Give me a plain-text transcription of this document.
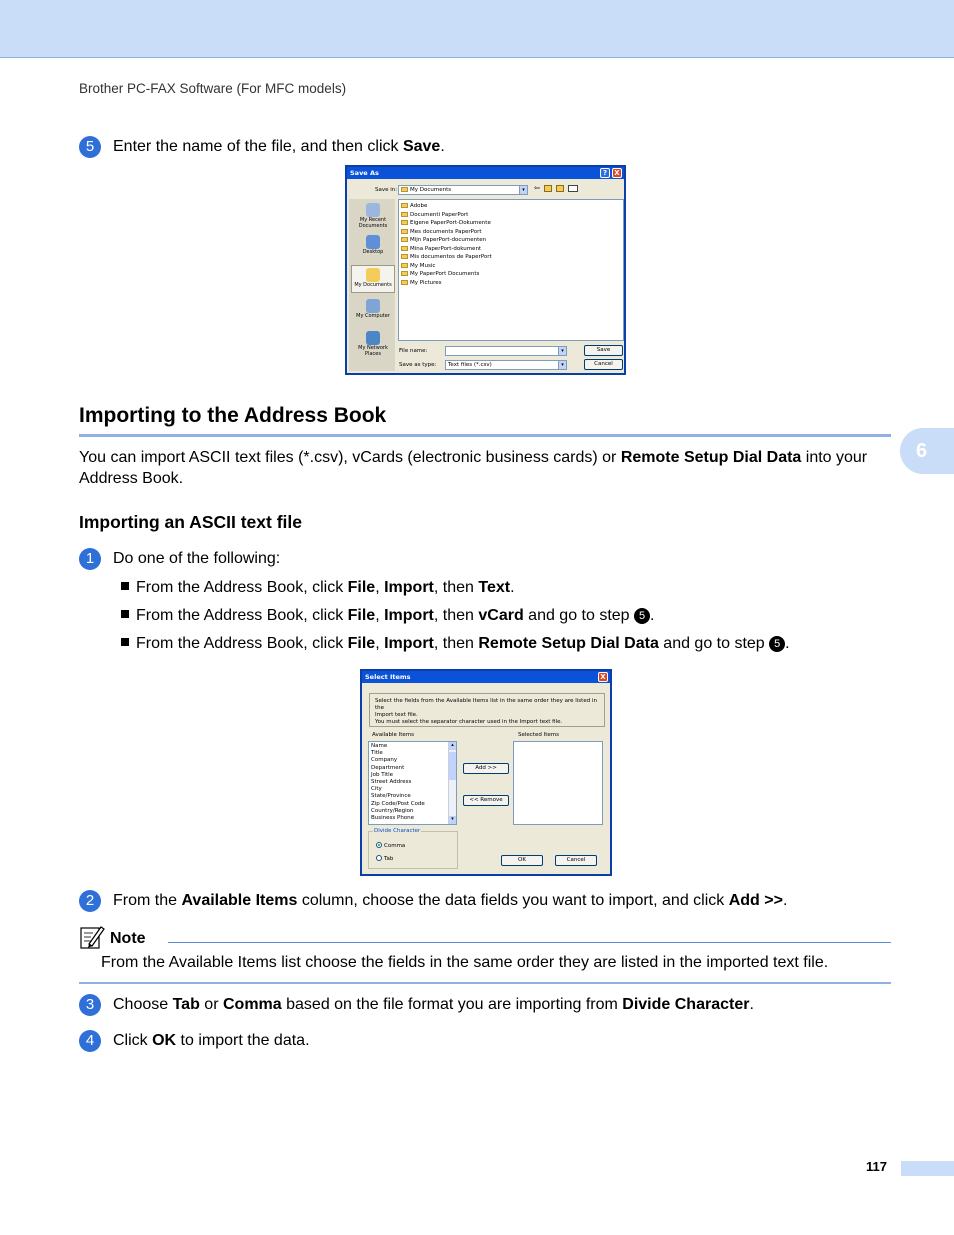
Brother PC-FAX Software (For MFC models)
5 Enter the name of the file, and then click Save.
Save As	?	X
Save in:	My Documents	▾	⇦
My Recent Documents
Desktop
My Documents
My Computer
My Network Places
Adobe
Documenti PaperPort
Eigene PaperPort-Dokumente
Mes documents PaperPort
Mijn PaperPort-documenten
Mina PaperPort-dokument
Mis documentos de PaperPort
My Music
My PaperPort Documents
My Pictures
File name:	▾
Save as type:	Text files (*.csv)	▾
Save
Cancel
Importing to the Address Book
6
You can import ASCII text files (*.csv), vCards (electronic business cards) or Remote Setup Dial Data into your Address Book.
Importing an ASCII text file
1 Do one of the following:
From the Address Book, click File, Import, then Text.
From the Address Book, click File, Import, then vCard and go to step 5 .
From the Address Book, click File, Import, then Remote Setup Dial Data and go to step 5 .
Select Items	X
Select the fields from the Available Items list in the same order they are listed in the
Import text file.
You must select the separator character used in the Import text file.
Available Items	Selected Items
Name
Title
Company
Department
Job Title
Street Address
City
State/Province
Zip Code/Post Code
Country/Region
Business Phone
▴
▾
Add >>
<< Remove
Divide Character
Comma
Tab	OK	Cancel
2 From the Available Items column, choose the data fields you want to import, and click Add >>.
Note
From the Available Items list choose the fields in the same order they are listed in the imported text file.
3 Choose Tab or Comma based on the file format you are importing from Divide Character.
4 Click OK to import the data.
117
